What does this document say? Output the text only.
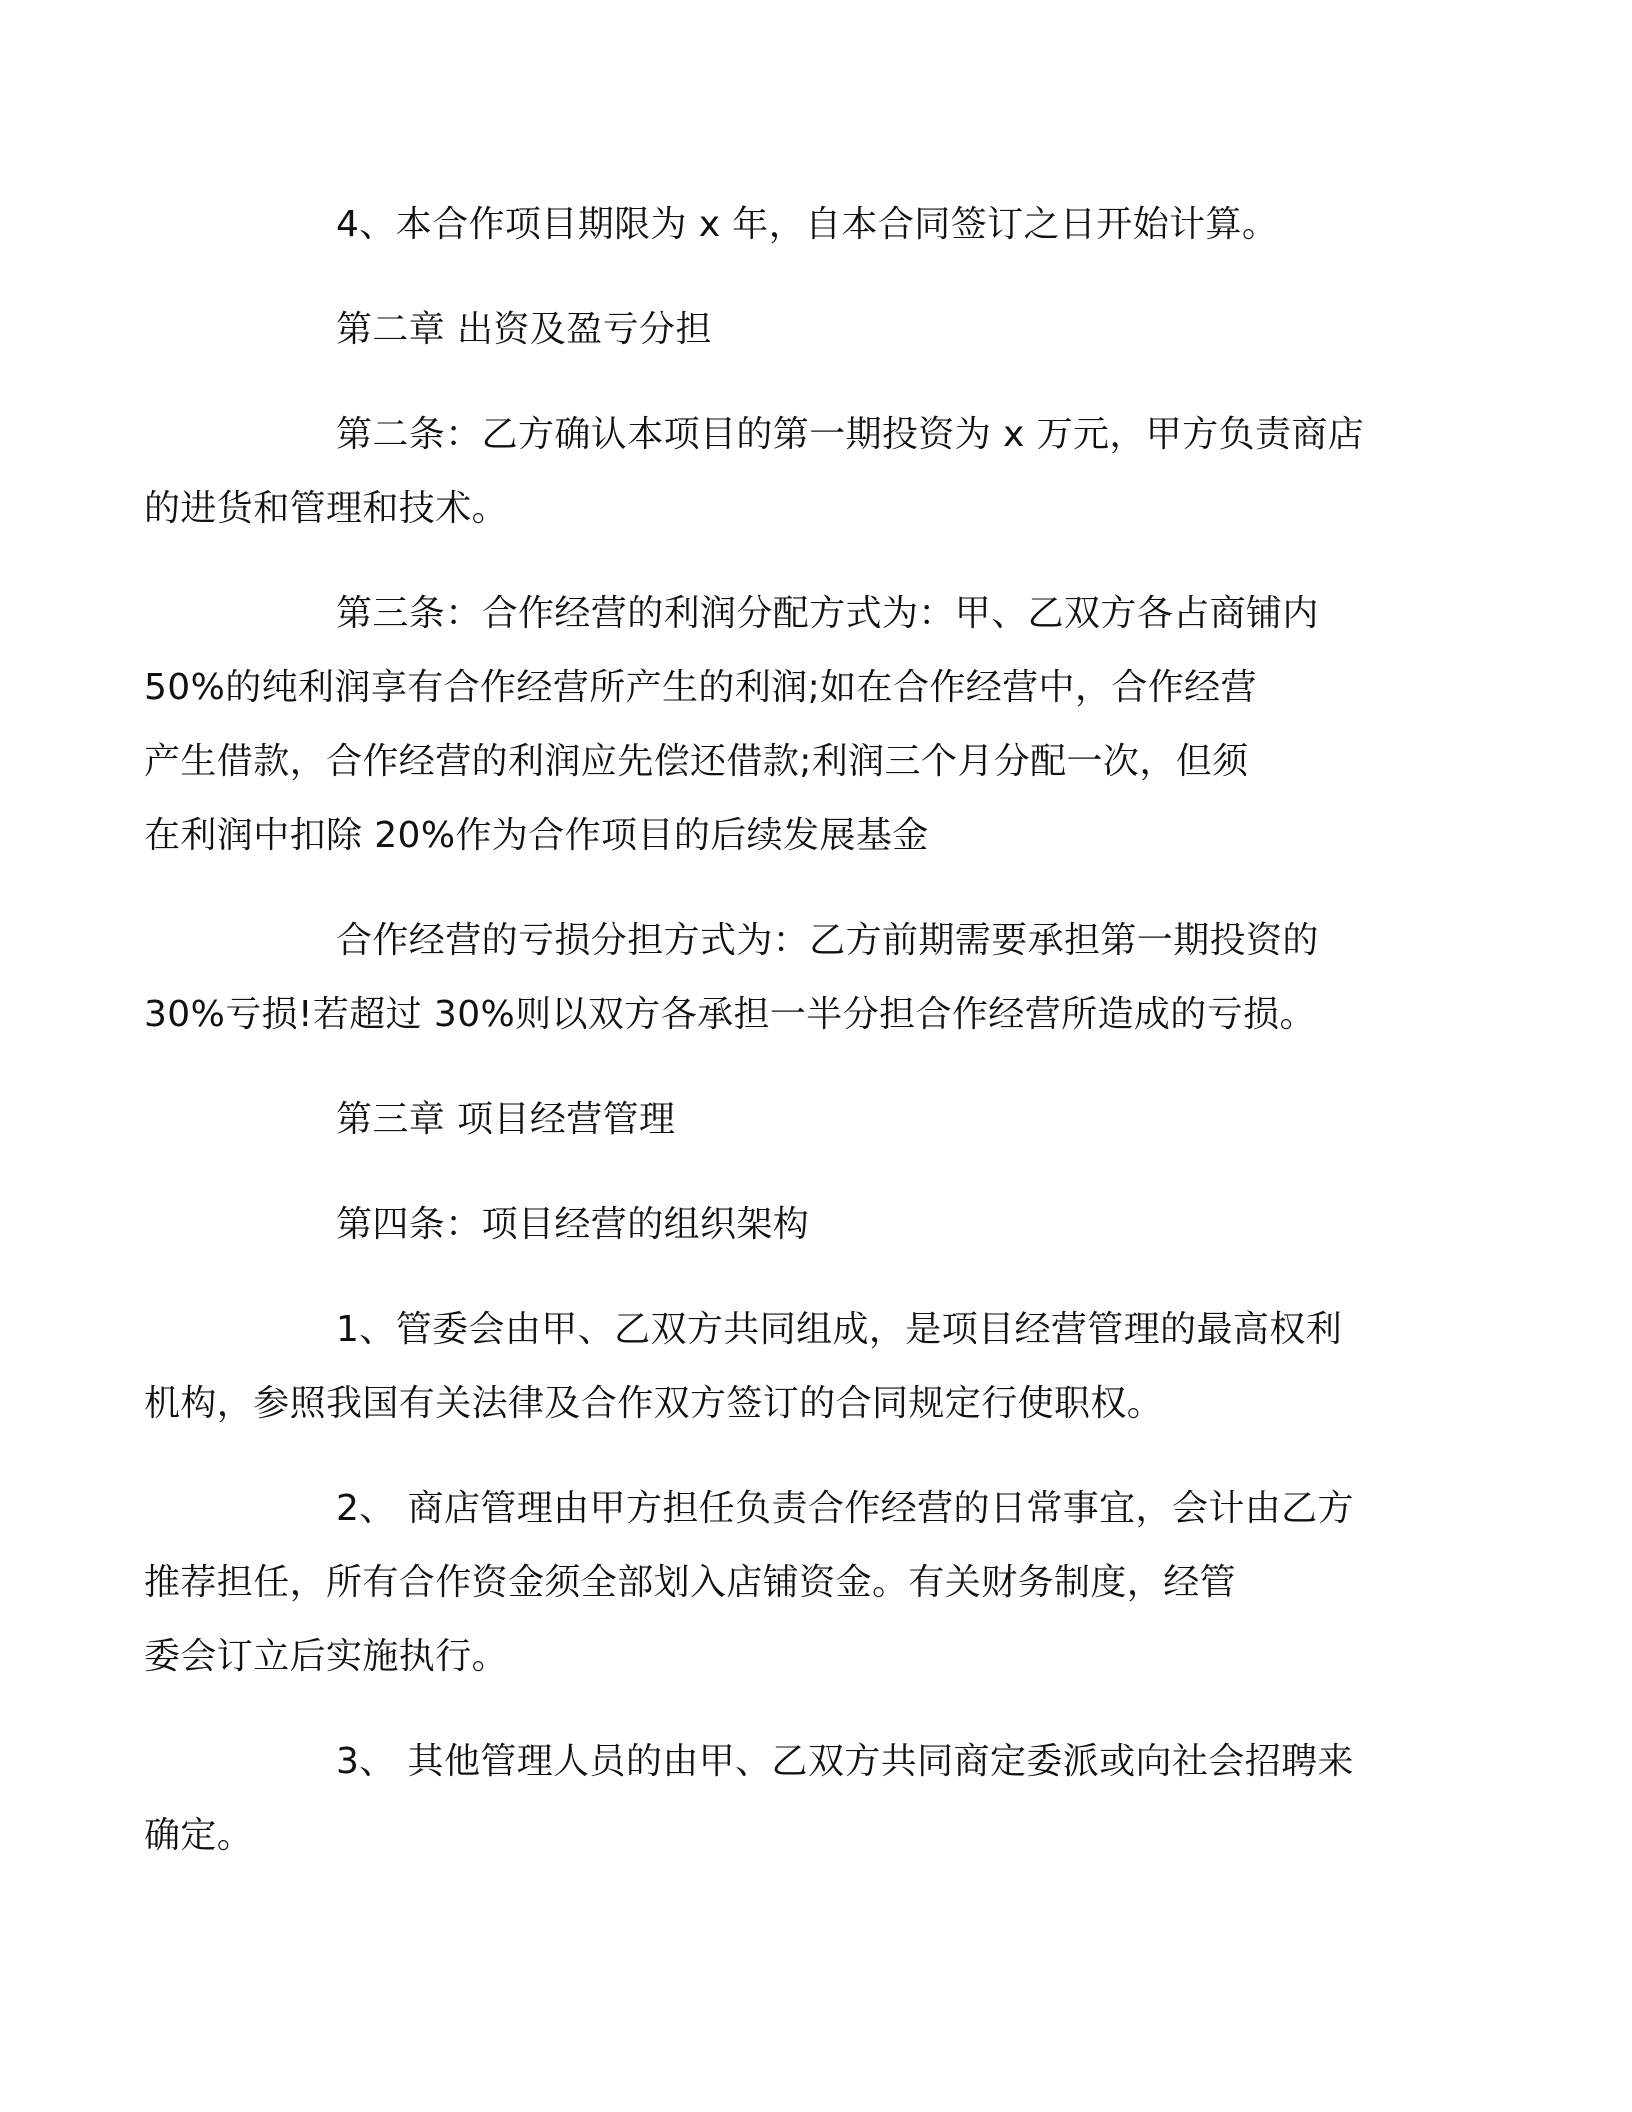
4、本合作项目期限为 x 年，自本合同签订之日开始计算。

第二章 出资及盈亏分担

第二条：乙方确认本项目的第一期投资为 x 万元，甲方负责商店
的进货和管理和技术。

第三条：合作经营的利润分配方式为：甲、乙双方各占商铺内
50%的纯利润享有合作经营所产生的利润;如在合作经营中，合作经营
产生借款，合作经营的利润应先偿还借款;利润三个月分配一次，但须
在利润中扣除 20%作为合作项目的后续发展基金

合作经营的亏损分担方式为：乙方前期需要承担第一期投资的
30%亏损!若超过 30%则以双方各承担一半分担合作经营所造成的亏损。

第三章 项目经营管理

第四条：项目经营的组织架构

1、管委会由甲、乙双方共同组成，是项目经营管理的最高权利
机构，参照我国有关法律及合作双方签订的合同规定行使职权。

2、 商店管理由甲方担任负责合作经营的日常事宜，会计由乙方
推荐担任，所有合作资金须全部划入店铺资金。有关财务制度，经管
委会订立后实施执行。

3、 其他管理人员的由甲、乙双方共同商定委派或向社会招聘来
确定。
